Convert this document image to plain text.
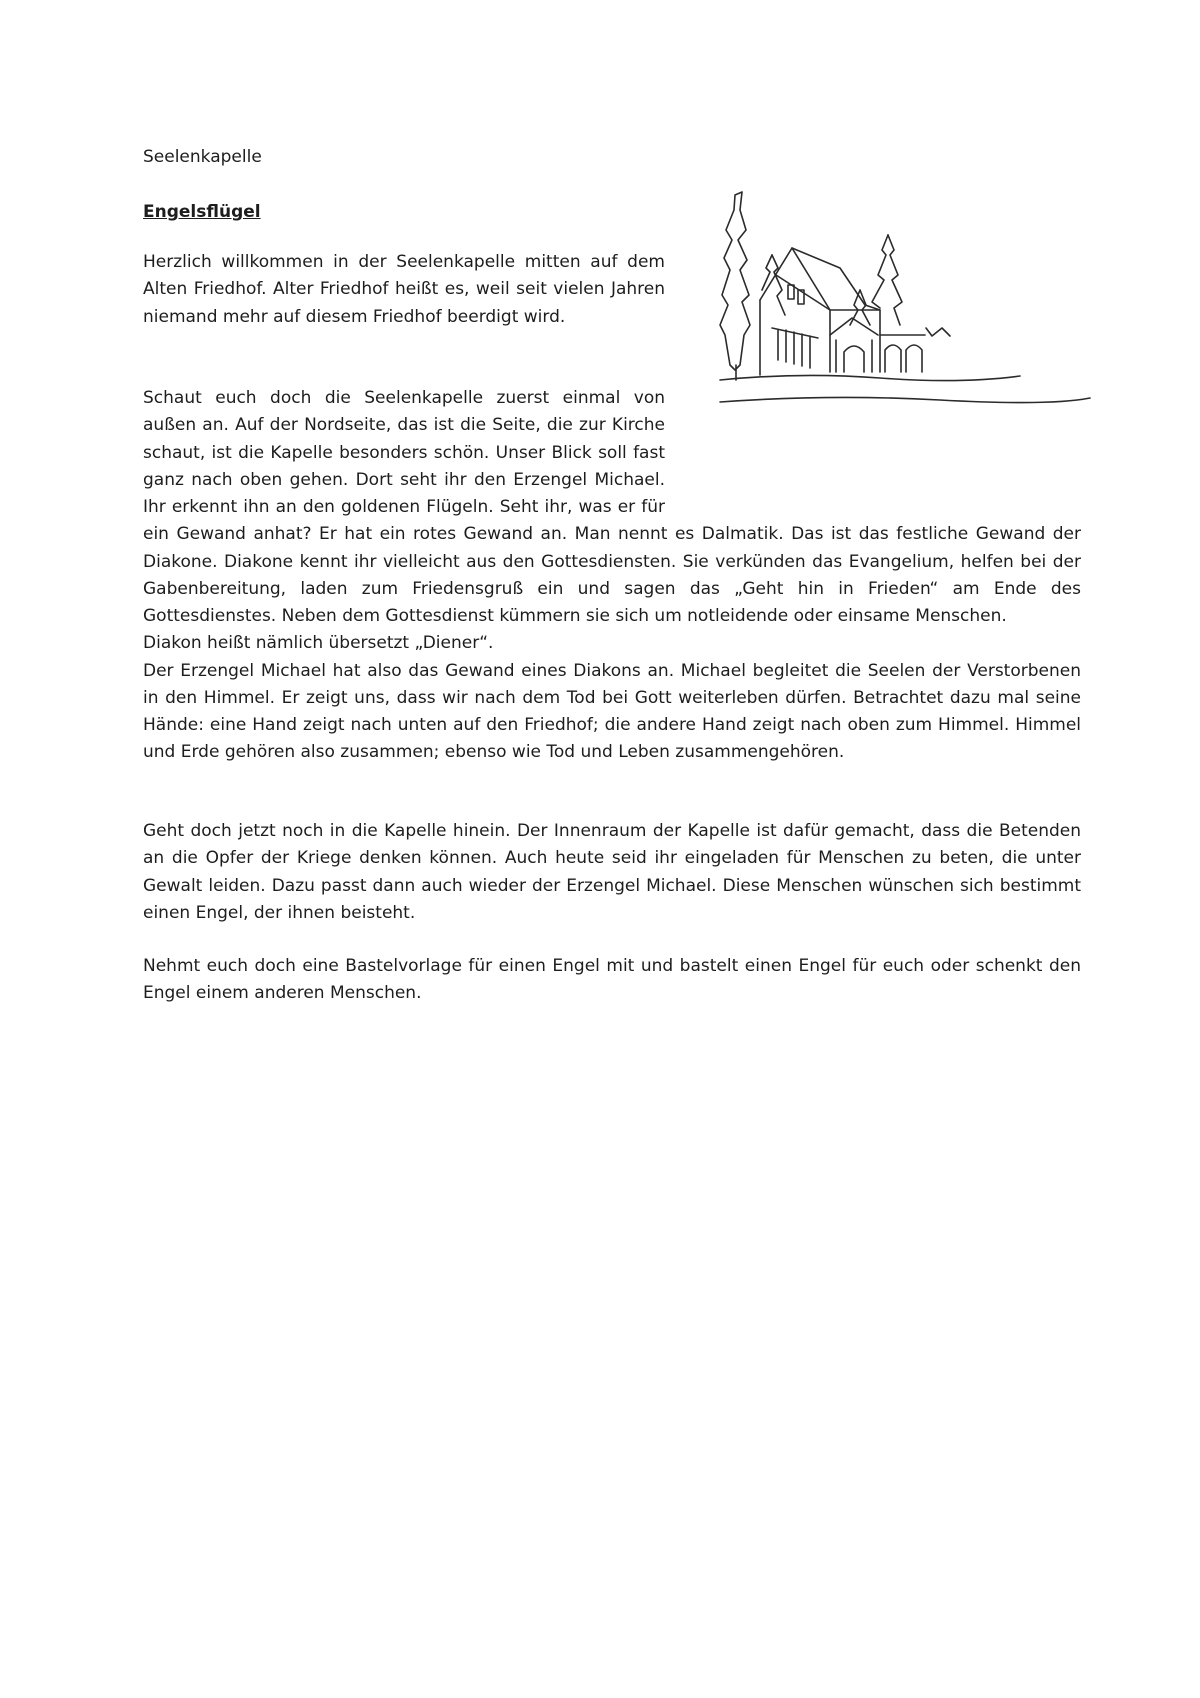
Seelenkapelle
Engelsflügel

Herzlich willkommen in der Seelenkapelle mitten auf dem Alten Friedhof. Alter Friedhof heißt es, weil seit vielen Jahren niemand mehr auf diesem Friedhof beerdigt wird.

Schaut euch doch die Seelenkapelle zuerst einmal von außen an. Auf der Nordseite, das ist die Seite, die zur Kirche schaut, ist die Kapelle besonders schön. Unser Blick soll fast ganz nach oben gehen. Dort seht ihr den Erzengel Michael. Ihr erkennt ihn an den goldenen Flügeln. Seht ihr, was er für ein Gewand anhat? Er hat ein rotes Gewand an. Man nennt es Dalmatik. Das ist das festliche Gewand der Diakone. Diakone kennt ihr vielleicht aus den Gottesdiensten. Sie verkünden das Evangelium, helfen bei der Gabenbereitung, laden zum Friedensgruß ein und sagen das „Geht hin in Frieden“ am Ende des Gottesdienstes. Neben dem Gottesdienst kümmern sie sich um notleidende oder einsame Menschen.
Diakon heißt nämlich übersetzt „Diener“.
Der Erzengel Michael hat also das Gewand eines Diakons an. Michael begleitet die Seelen der Verstorbenen in den Himmel. Er zeigt uns, dass wir nach dem Tod bei Gott weiterleben dürfen. Betrachtet dazu mal seine Hände: eine Hand zeigt nach unten auf den Friedhof; die andere Hand zeigt nach oben zum Himmel. Himmel und Erde gehören also zusammen; ebenso wie Tod und Leben zusammengehören.

Geht doch jetzt noch in die Kapelle hinein. Der Innenraum der Kapelle ist dafür gemacht, dass die Betenden an die Opfer der Kriege denken können. Auch heute seid ihr eingeladen für Menschen zu beten, die unter Gewalt leiden. Dazu passt dann auch wieder der Erzengel Michael. Diese Menschen wünschen sich bestimmt einen Engel, der ihnen beisteht.

Nehmt euch doch eine Bastelvorlage für einen Engel mit und bastelt einen Engel für euch oder schenkt den Engel einem anderen Menschen.
